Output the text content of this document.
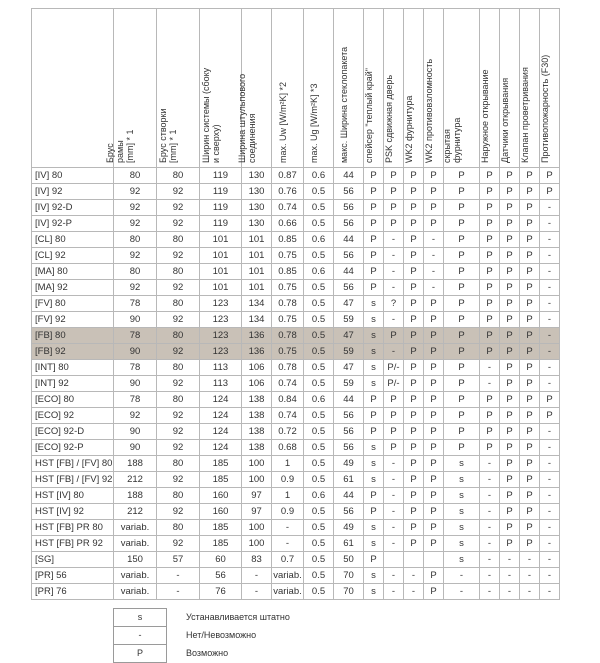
	Брус
рамы
[mm] * 1	Брус створки
[mm] * 1	Ширин системы (сбоку
и сверху)	Ширина штульпового
соединения	max. Uw [W/m²K] *2	max. Ug [W/m²K] *3	макс. Ширина стеклопакета	спейсер "теплый край"	PSK сдвижная дверь	WK2 фурнитура	WK2 противовзломность	скрытая
фурнитура	Наружное открывание	Датчики открывания	Клапан проветривания	Противопожарность (F30)

[IV] 80	80	80	119	130	0.87	0.6	44	P	P	P	P	P	P	P	P	P
[IV] 92	92	92	119	130	0.76	0.5	56	P	P	P	P	P	P	P	P	P
[IV] 92-D	92	92	119	130	0.74	0.5	56	P	P	P	P	P	P	P	P	-
[IV] 92-P	92	92	119	130	0.66	0.5	56	P	P	P	P	P	P	P	P	-
[CL] 80	80	80	101	101	0.85	0.6	44	P	-	P	-	P	P	P	P	-
[CL] 92	92	92	101	101	0.75	0.5	56	P	-	P	-	P	P	P	P	-
[MA] 80	80	80	101	101	0.85	0.6	44	P	-	P	-	P	P	P	P	-
[MA] 92	92	92	101	101	0.75	0.5	56	P	-	P	-	P	P	P	P	-
[FV] 80	78	80	123	134	0.78	0.5	47	s	?	P	P	P	P	P	P	-
[FV] 92	90	92	123	134	0.75	0.5	59	s	-	P	P	P	P	P	P	-
[FB] 80	78	80	123	136	0.78	0.5	47	s	P	P	P	P	P	P	P	-
[FB] 92	90	92	123	136	0.75	0.5	59	s	-	P	P	P	P	P	P	-
[INT] 80	78	80	113	106	0.78	0.5	47	s	P/-	P	P	P	-	P	P	-
[INT] 92	90	92	113	106	0.74	0.5	59	s	P/-	P	P	P	-	P	P	-
[ECO] 80	78	80	124	138	0.84	0.6	44	P	P	P	P	P	P	P	P	P
[ECO] 92	92	92	124	138	0.74	0.5	56	P	P	P	P	P	P	P	P	P
[ECO] 92-D	90	92	124	138	0.72	0.5	56	P	P	P	P	P	P	P	P	-
[ECO] 92-P	90	92	124	138	0.68	0.5	56	s	P	P	P	P	P	P	P	-
HST [FB] / [FV] 80	188	80	185	100	1	0.5	49	s	-	P	P	s	-	P	P	-
HST [FB] / [FV] 92	212	92	185	100	0.9	0.5	61	s	-	P	P	s	-	P	P	-
HST [IV] 80	188	80	160	97	1	0.6	44	P	-	P	P	s	-	P	P	-
HST [IV] 92	212	92	160	97	0.9	0.5	56	P	-	P	P	s	-	P	P	-
HST [FB] PR 80	variab.	80	185	100	-	0.5	49	s	-	P	P	s	-	P	P	-
HST [FB] PR 92	variab.	92	185	100	-	0.5	61	s	-	P	P	s	-	P	P	-
[SG]	150	57	60	83	0.7	0.5	50	P				s	-	-	-	-
[PR] 56	variab.	-	56	-	variab.	0.5	70	s	-	-	P	-	-	-	-	-
[PR] 76	variab.	-	76	-	variab.	0.5	70	s	-	-	P	-	-	-	-	-
s	Устанавливается штатно
-	Нет/Невозможно
P	Возможно
